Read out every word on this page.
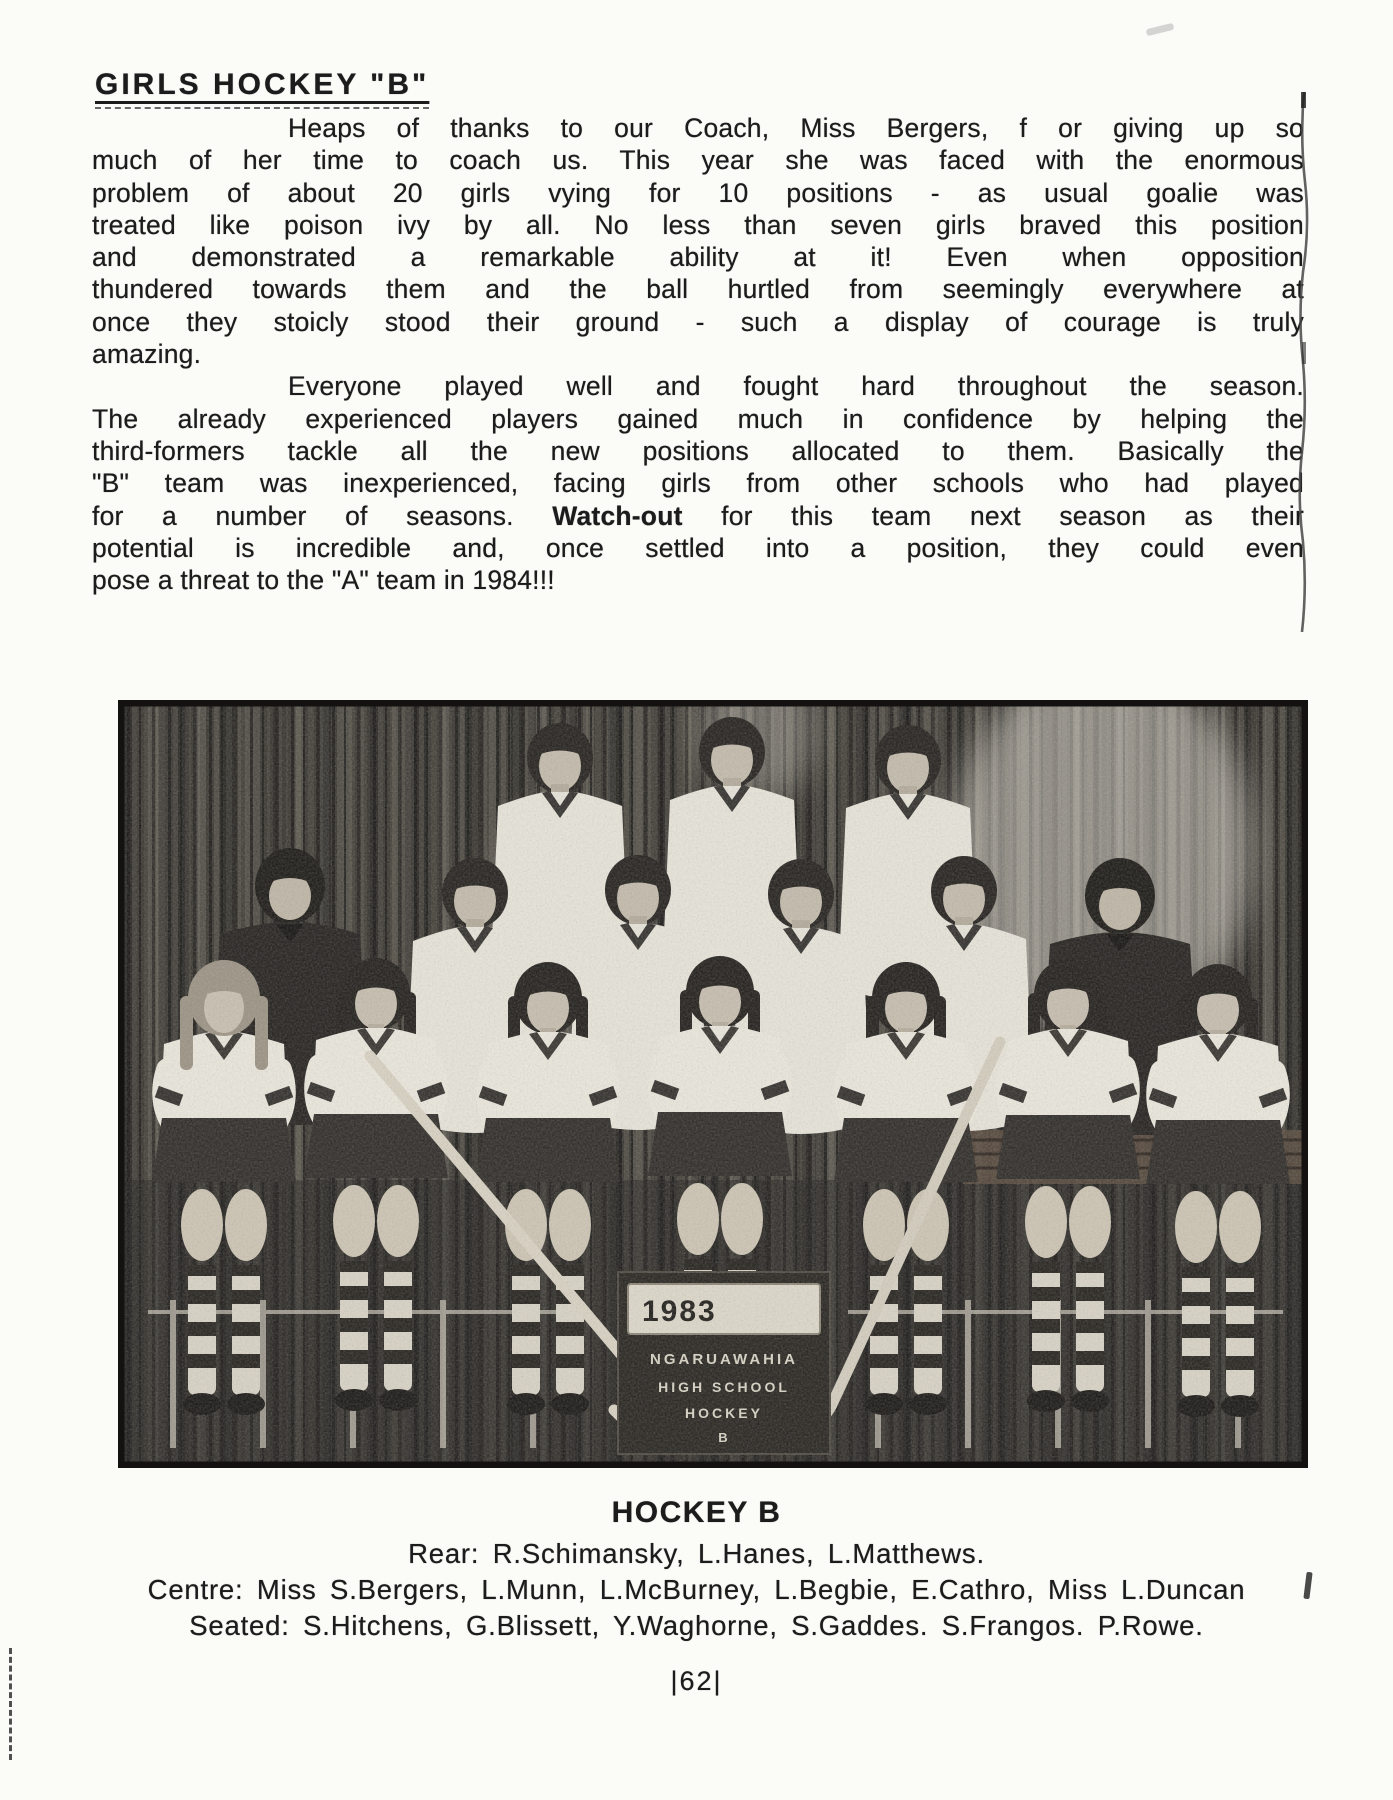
GIRLS HOCKEY "B"
Heaps of thanks to our Coach, Miss Bergers, f or giving up so
much of her time to coach us. This year she was faced with the enormous
problem of about 20 girls vying for 10 positions - as usual goalie was
treated like poison ivy by all. No less than seven girls braved this position
and demonstrated a remarkable ability at it! Even when opposition
thundered towards them and the ball hurtled from seemingly everywhere at
once they stoicly stood their ground - such a display of courage is truly
amazing.
Everyone played well and fought hard throughout the season.
The already experienced players gained much in confidence by helping the
third-formers tackle all the new positions allocated to them. Basically the
"B" team was inexperienced, facing girls from other schools who had played
for a number of seasons. Watch-out for this team next season as their
potential is incredible and, once settled into a position, they could even
pose a threat to the "A" team in 1984!!!
1983
NGARUAWAHIA
HIGH SCHOOL
HOCKEY
B
HOCKEY B
Rear: R.Schimansky, L.Hanes, L.Matthews.
Centre: Miss S.Bergers, L.Munn, L.McBurney, L.Begbie, E.Cathro, Miss L.Duncan
Seated: S.Hitchens, G.Blissett, Y.Waghorne, S.Gaddes. S.Frangos. P.Rowe.
|62|
